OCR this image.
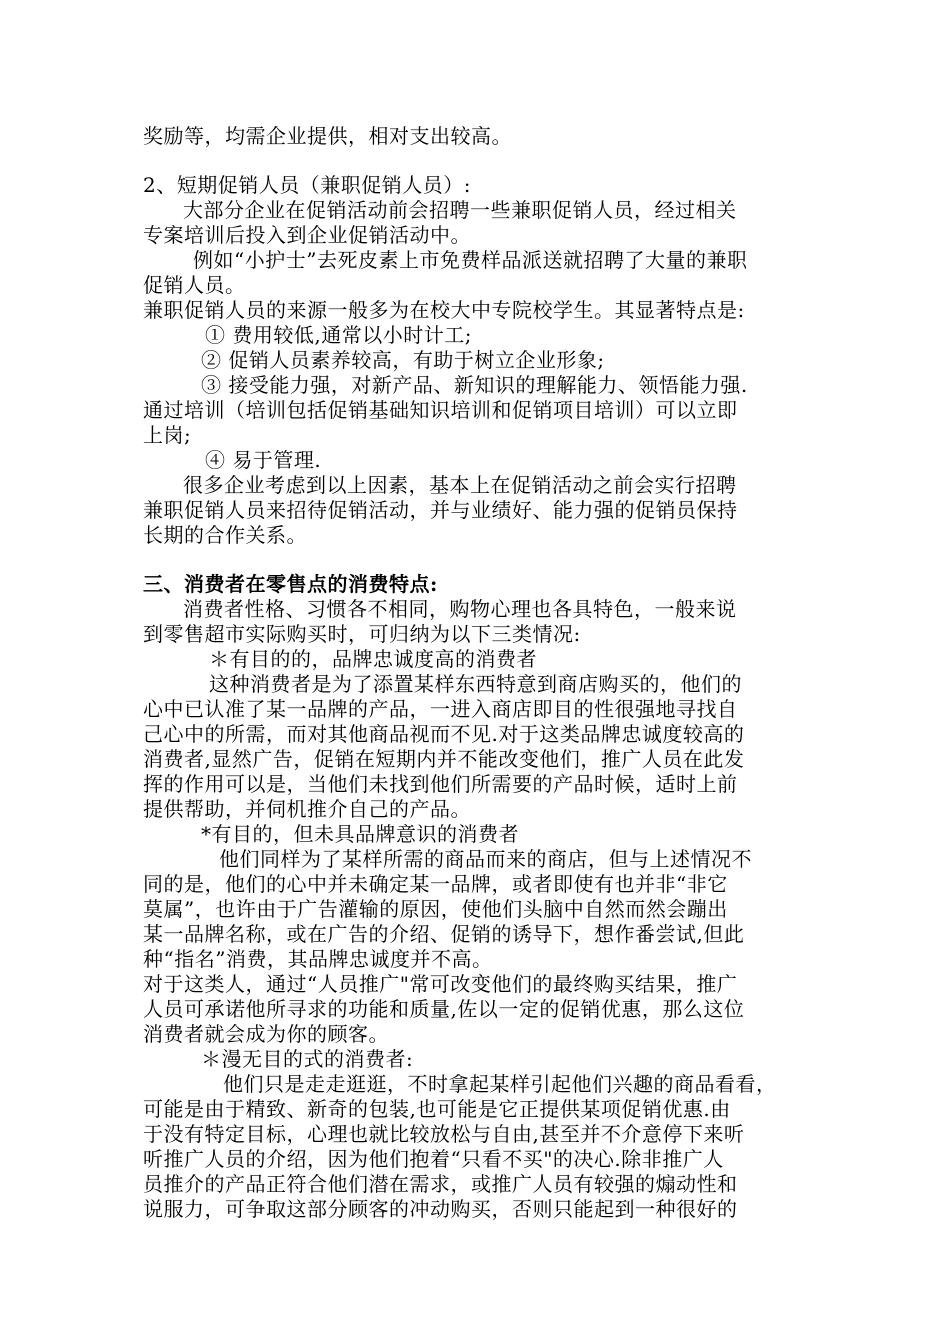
奖励等，均需企业提供，相对支出较高。
2、短期促销人员（兼职促销人员）:
大部分企业在促销活动前会招聘一些兼职促销人员，经过相关
专案培训后投入到企业促销活动中。
例如“小护士”去死皮素上市免费样品派送就招聘了大量的兼职
促销人员。
兼职促销人员的来源一般多为在校大中专院校学生。其显著特点是:
① 费用较低,通常以小时计工;
② 促销人员素养较高，有助于树立企业形象;
③ 接受能力强，对新产品、新知识的理解能力、领悟能力强.
通过培训（培训包括促销基础知识培训和促销项目培训）可以立即
上岗;
④ 易于管理.
很多企业考虑到以上因素，基本上在促销活动之前会实行招聘
兼职促销人员来招待促销活动，并与业绩好、能力强的促销员保持
长期的合作关系。
三、消费者在零售点的消费特点:
消费者性格、习惯各不相同，购物心理也各具特色，一般来说
到零售超市实际购买时，可归纳为以下三类情况:
＊有目的的，品牌忠诚度高的消费者
这种消费者是为了添置某样东西特意到商店购买的，他们的
心中已认准了某一品牌的产品，一进入商店即目的性很强地寻找自
己心中的所需，而对其他商品视而不见.对于这类品牌忠诚度较高的
消费者,显然广告，促销在短期内并不能改变他们，推广人员在此发
挥的作用可以是，当他们未找到他们所需要的产品时候，适时上前
提供帮助，并伺机推介自己的产品。
*有目的，但未具品牌意识的消费者
他们同样为了某样所需的商品而来的商店，但与上述情况不
同的是，他们的心中并未确定某一品牌，或者即使有也并非“非它
莫属”，也许由于广告灌输的原因，使他们头脑中自然而然会蹦出
某一品牌名称，或在广告的介绍、促销的诱导下，想作番尝试,但此
种“指名”消费，其品牌忠诚度并不高。
对于这类人，通过“人员推广"常可改变他们的最终购买结果，推广
人员可承诺他所寻求的功能和质量,佐以一定的促销优惠，那么这位
消费者就会成为你的顾客。
＊漫无目的式的消费者:
他们只是走走逛逛，不时拿起某样引起他们兴趣的商品看看，
可能是由于精致、新奇的包装,也可能是它正提供某项促销优惠.由
于没有特定目标，心理也就比较放松与自由,甚至并不介意停下来听
听推广人员的介绍，因为他们抱着“只看不买"的决心.除非推广人
员推介的产品正符合他们潜在需求，或推广人员有较强的煽动性和
说服力，可争取这部分顾客的冲动购买，否则只能起到一种很好的
